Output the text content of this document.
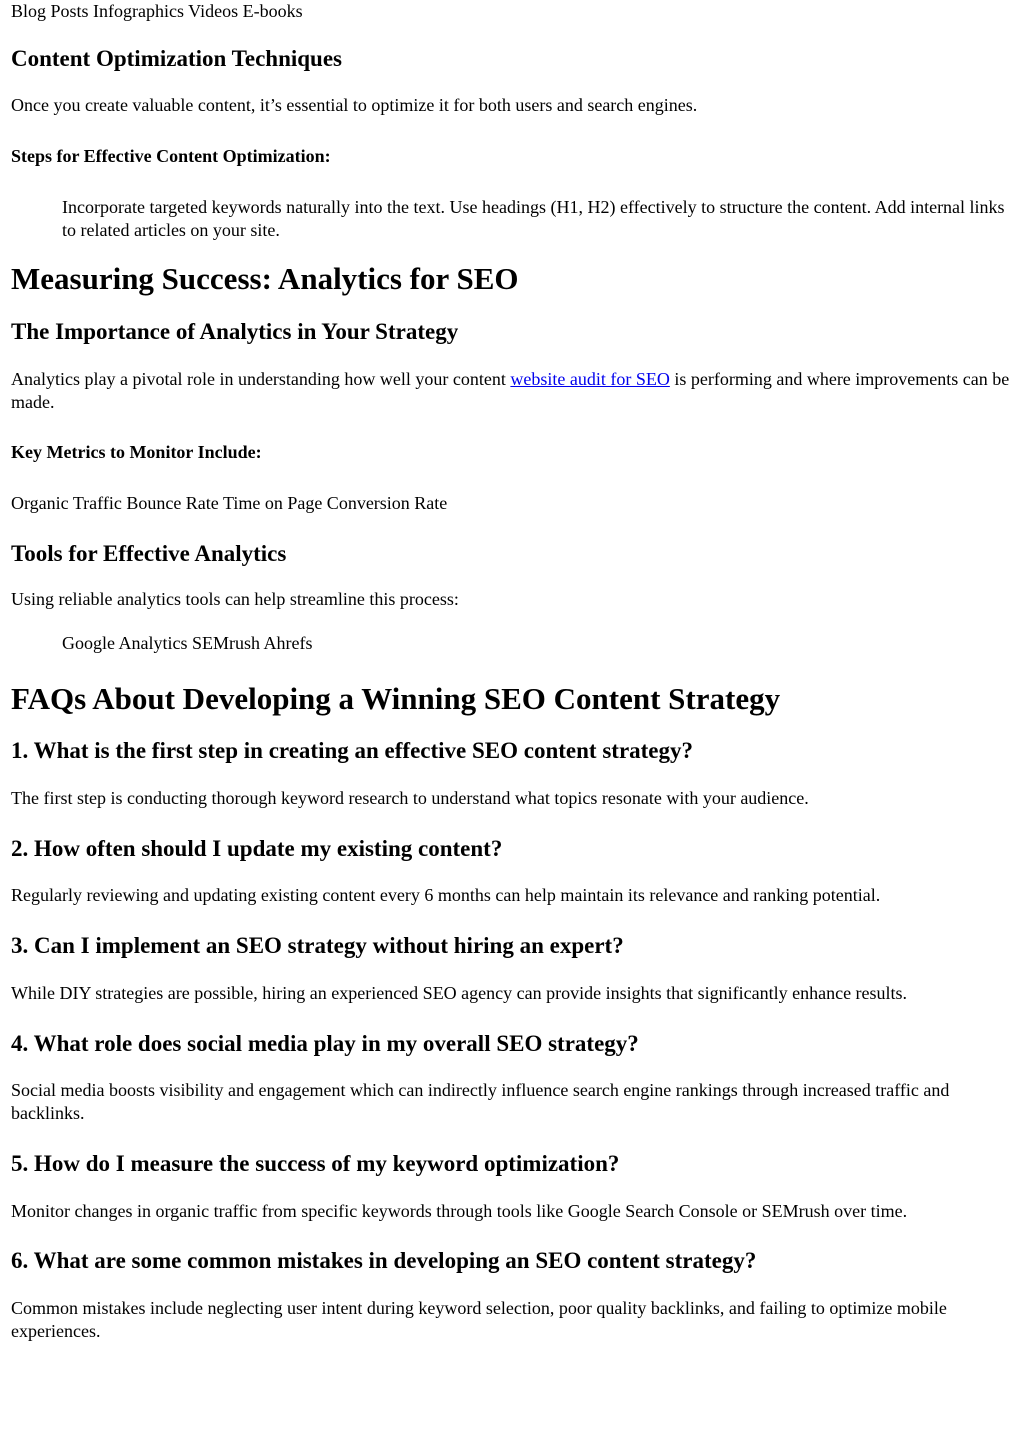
Blog Posts Infographics Videos E-books

Content Optimization Techniques

Once you create valuable content, it’s essential to optimize it for both users and search engines.

Steps for Effective Content Optimization:

Incorporate targeted keywords naturally into the text. Use headings (H1, H2) effectively to structure the content. Add internal links to related articles on your site.

Measuring Success: Analytics for SEO
The Importance of Analytics in Your Strategy

Analytics play a pivotal role in understanding how well your content website audit for SEO is performing and where improvements can be made.

Key Metrics to Monitor Include:

Organic Traffic Bounce Rate Time on Page Conversion Rate

Tools for Effective Analytics

Using reliable analytics tools can help streamline this process:

Google Analytics SEMrush Ahrefs

FAQs About Developing a Winning SEO Content Strategy
1. What is the first step in creating an effective SEO content strategy?

The first step is conducting thorough keyword research to understand what topics resonate with your audience.

2. How often should I update my existing content?

Regularly reviewing and updating existing content every 6 months can help maintain its relevance and ranking potential.

3. Can I implement an SEO strategy without hiring an expert?

While DIY strategies are possible, hiring an experienced SEO agency can provide insights that significantly enhance results.

4. What role does social media play in my overall SEO strategy?

Social media boosts visibility and engagement which can indirectly influence search engine rankings through increased traffic and backlinks.

5. How do I measure the success of my keyword optimization?

Monitor changes in organic traffic from specific keywords through tools like Google Search Console or SEMrush over time.

6. What are some common mistakes in developing an SEO content strategy?

Common mistakes include neglecting user intent during keyword selection, poor quality backlinks, and failing to optimize mobile experiences.
